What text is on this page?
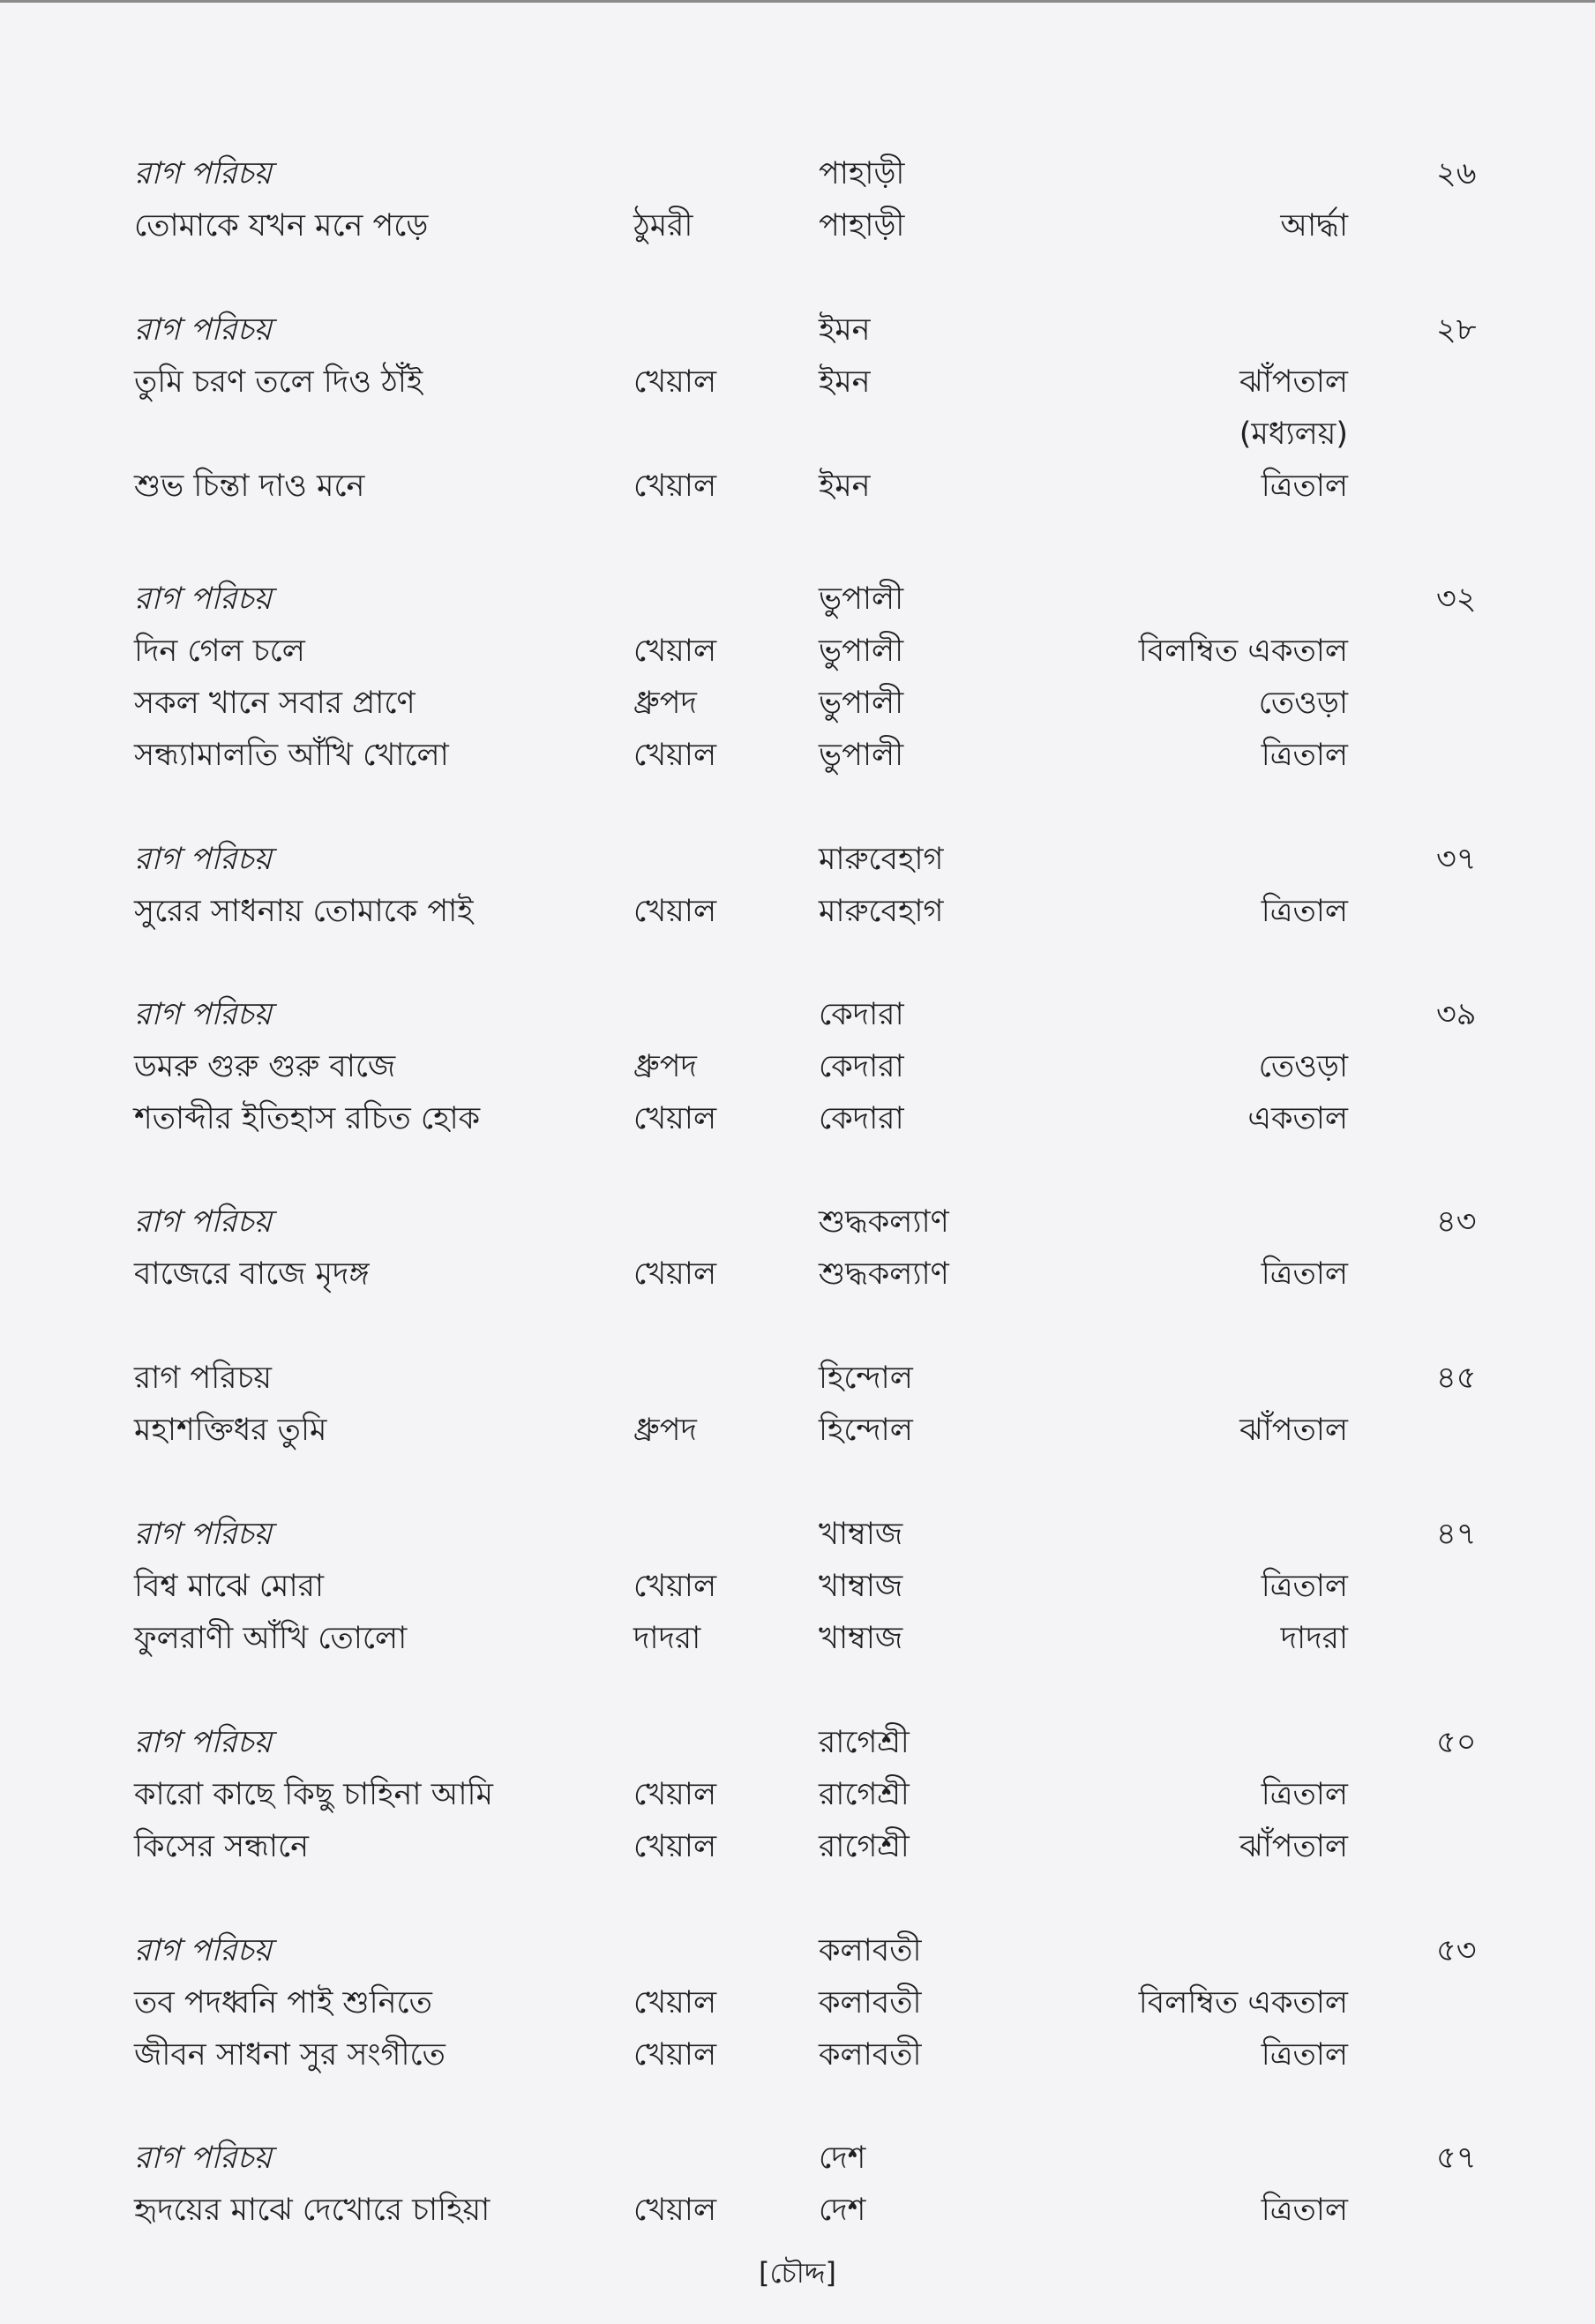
রাগ পরিচয়	পাহাড়ী	২৬
তোমাকে যখন মনে পড়ে	ঠুমরী	পাহাড়ী	আর্দ্ধা
রাগ পরিচয়	ইমন	২৮
তুমি চরণ তলে দিও ঠাঁই	খেয়াল	ইমন	ঝাঁপতাল
(মধ্যলয়)
শুভ চিন্তা দাও মনে	খেয়াল	ইমন	ত্রিতাল
রাগ পরিচয়	ভুপালী	৩২
দিন গেল চলে	খেয়াল	ভুপালী	বিলম্বিত একতাল
সকল খানে সবার প্রাণে	ধ্রুপদ	ভুপালী	তেওড়া
সন্ধ্যামালতি আঁখি খোলো	খেয়াল	ভুপালী	ত্রিতাল
রাগ পরিচয়	মারুবেহাগ	৩৭
সুরের সাধনায় তোমাকে পাই	খেয়াল	মারুবেহাগ	ত্রিতাল
রাগ পরিচয়	কেদারা	৩৯
ডমরু গুরু গুরু বাজে	ধ্রুপদ	কেদারা	তেওড়া
শতাব্দীর ইতিহাস রচিত হোক	খেয়াল	কেদারা	একতাল
রাগ পরিচয়	শুদ্ধকল্যাণ	৪৩
বাজেরে বাজে মৃদঙ্গ	খেয়াল	শুদ্ধকল্যাণ	ত্রিতাল
রাগ পরিচয়	হিন্দোল	৪৫
মহাশক্তিধর তুমি	ধ্রুপদ	হিন্দোল	ঝাঁপতাল
রাগ পরিচয়	খাম্বাজ	৪৭
বিশ্ব মাঝে মোরা	খেয়াল	খাম্বাজ	ত্রিতাল
ফুলরাণী আঁখি তোলো	দাদরা	খাম্বাজ	দাদরা
রাগ পরিচয়	রাগেশ্রী	৫০
কারো কাছে কিছু চাহিনা আমি	খেয়াল	রাগেশ্রী	ত্রিতাল
কিসের সন্ধানে	খেয়াল	রাগেশ্রী	ঝাঁপতাল
রাগ পরিচয়	কলাবতী	৫৩
তব পদধ্বনি পাই শুনিতে	খেয়াল	কলাবতী	বিলম্বিত একতাল
জীবন সাধনা সুর সংগীতে	খেয়াল	কলাবতী	ত্রিতাল
রাগ পরিচয়	দেশ	৫৭
হৃদয়ের মাঝে দেখোরে চাহিয়া	খেয়াল	দেশ	ত্রিতাল
[চৌদ্দ]
